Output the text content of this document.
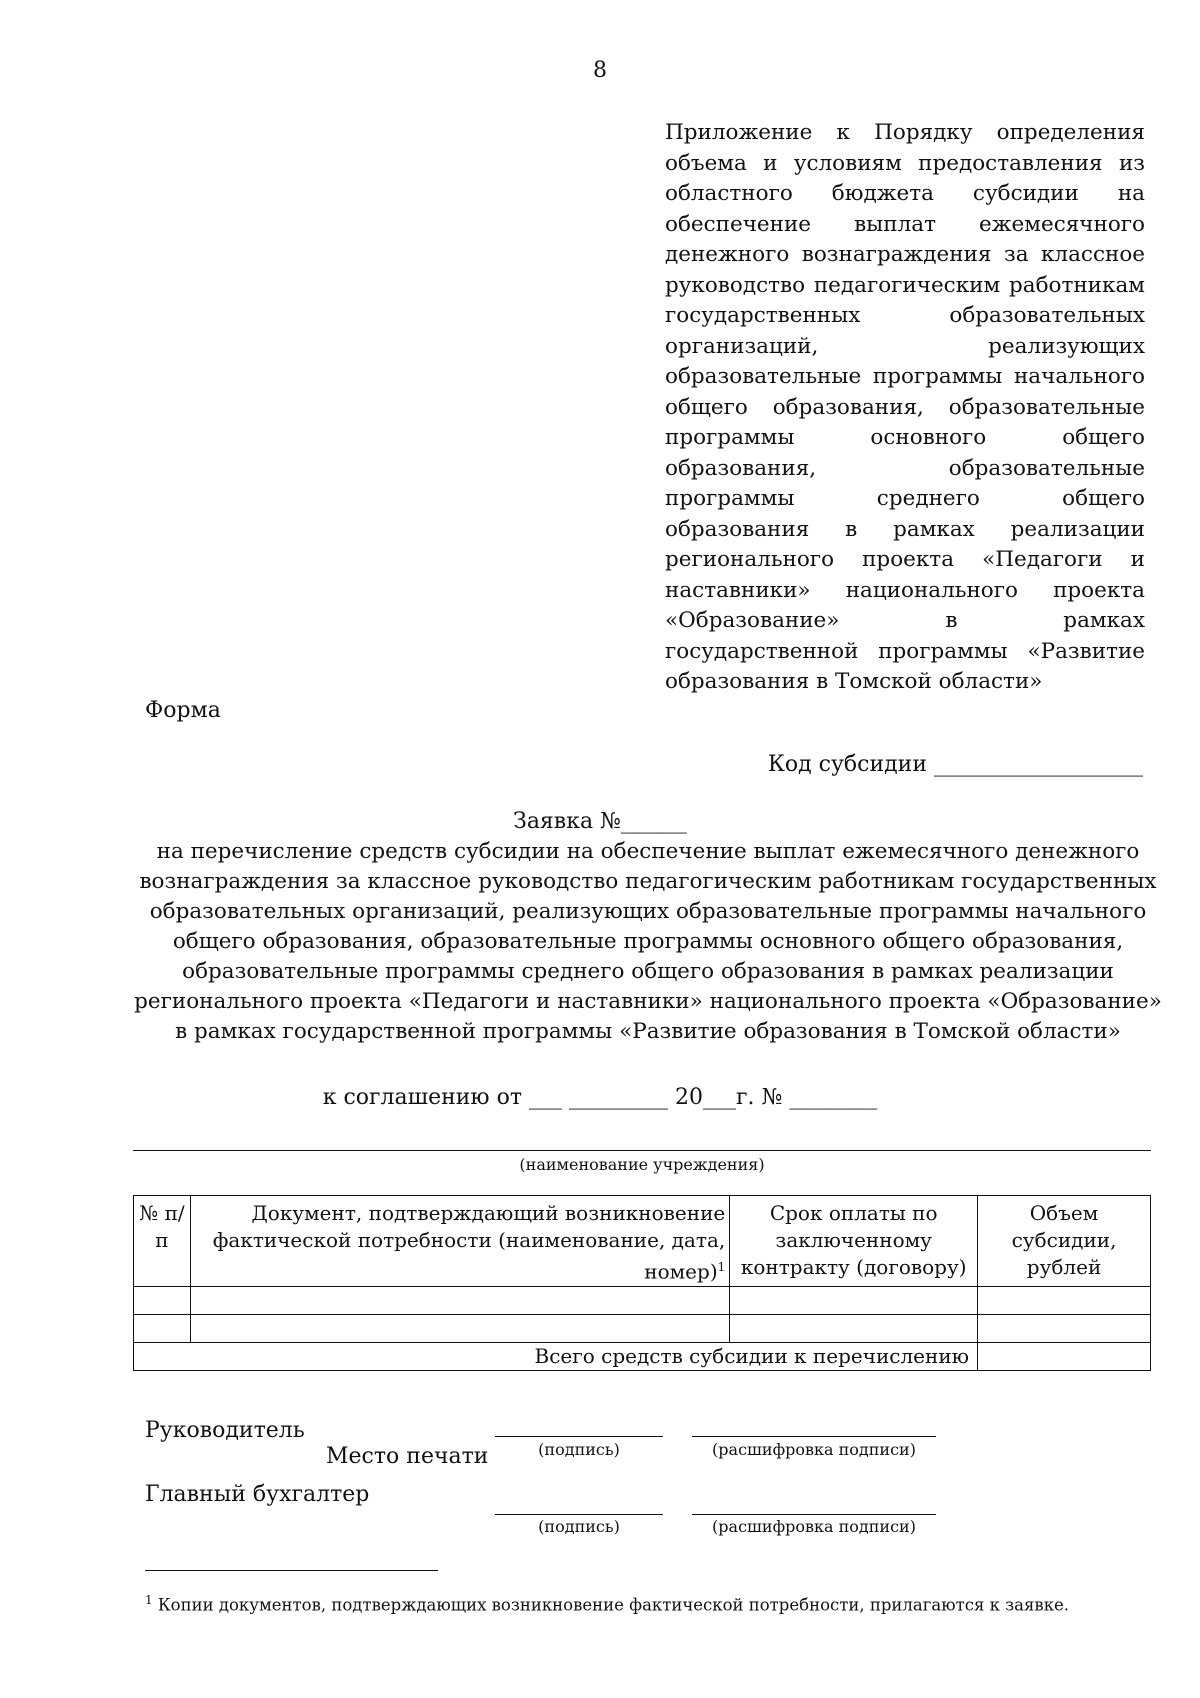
8
Приложение к Порядку определения объема и условиям предоставления из областного бюджета субсидии на обеспечение выплат ежемесячного денежного вознаграждения за классное руководство педагогическим работникам государственных образовательных организаций, реализующих образовательные программы начального общего образования, образовательные программы основного общего образования, образовательные программы среднего общего образования в рамках реализации регионального проекта «Педагоги и наставники» национального проекта «Образование» в рамках государственной программы «Развитие образования в Томской области»
Форма
Код субсидии ___________________
Заявка №______
на перечисление средств субсидии на обеспечение выплат ежемесячного денежного вознаграждения за классное руководство педагогическим работникам государственных образовательных организаций, реализующих образовательные программы начального общего образования, образовательные программы основного общего образования, образовательные программы среднего общего образования в рамках реализации регионального проекта «Педагоги и наставники» национального проекта «Образование» в рамках государственной программы «Развитие образования в Томской области»
к соглашению от ___ _________ 20___г. № ________
(наименование учреждения)
№ п/п	Документ, подтверждающий возникновение фактической потребности (наименование, дата, номер)$^1$	Срок оплаты по заключенному контракту (договору)	Объем субсидии, рублей

Всего средств субсидии к перечислению			
Руководитель
(подпись)	(расшифровка подписи)
Место печати
Главный бухгалтер
(подпись)	(расшифровка подписи)
$^1$ Копии документов, подтверждающих возникновение фактической потребности, прилагаются к заявке.
